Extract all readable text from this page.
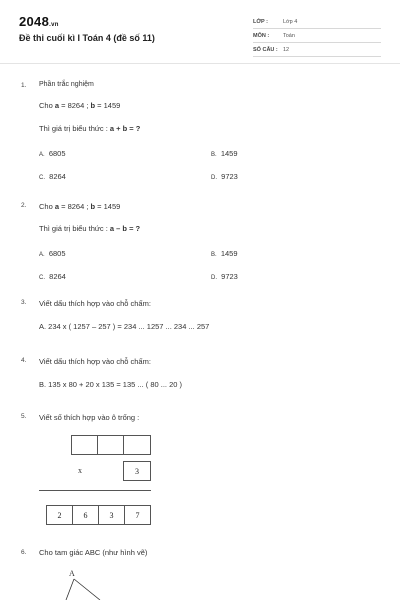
2048.vn
Đề thi cuối kì I Toán 4 (đề số 11)
LỚP :	Lớp 4
MÔN :	Toán
SỐ CÂU : 12
1. Phần trắc nghiệm
Cho a = 8264 ; b = 1459
Thì giá trị biểu thức : a + b = ?
A. 6805	B. 1459
C. 8264	D. 9723
2. Cho a = 8264 ; b = 1459
Thì giá trị biểu thức : a – b = ?
A. 6805	B. 1459
C. 8264	D. 9723
3. Viết dấu thích hợp vào chỗ chấm:
A. 234 x ( 1257 – 257 ) = 234 ... 1257 ... 234 ... 257
4. Viết dấu thích hợp vào chỗ chấm:
B. 135 x 80 + 20 x 135 = 135 ... ( 80 ... 20 )
5. Viết số thích hợp vào ô trống :
x	3
2	6	3	7
6. Cho tam giác ABC (như hình vẽ)
A
